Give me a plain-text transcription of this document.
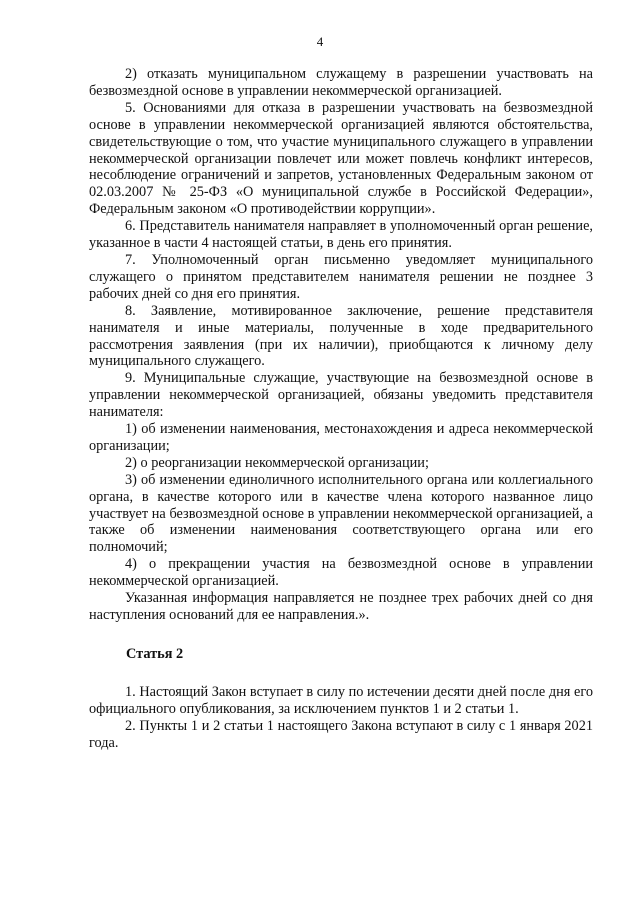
4

2) отказать муниципальном служащему в разрешении участвовать на безвозмездной основе в управлении некоммерческой организацией.

5. Основаниями для отказа в разрешении участвовать на безвозмездной основе в управлении некоммерческой организацией являются обстоятельства, свидетельствующие о том, что участие муниципального служащего в управлении некоммерческой организации повлечет или может повлечь конфликт интересов, несоблюдение ограничений и запретов, установленных Федеральным законом от 02.03.2007 № 25-ФЗ «О муниципальной службе в Российской Федерации», Федеральным законом «О противодействии коррупции».

6. Представитель нанимателя направляет в уполномоченный орган решение, указанное в части 4 настоящей статьи, в день его принятия.

7. Уполномоченный орган письменно уведомляет муниципального служащего о принятом представителем нанимателя решении не позднее 3 рабочих дней со дня его принятия.

8. Заявление, мотивированное заключение, решение представителя нанимателя и иные материалы, полученные в ходе предварительного рассмотрения заявления (при их наличии), приобщаются к личному делу муниципального служащего.

9. Муниципальные служащие, участвующие на безвозмездной основе в управлении некоммерческой организацией, обязаны уведомить представителя нанимателя:

1) об изменении наименования, местонахождения и адреса некоммерческой организации;

2) о реорганизации некоммерческой организации;

3) об изменении единоличного исполнительного органа или коллегиального органа, в качестве которого или в качестве члена которого названное лицо участвует на безвозмездной основе в управлении некоммерческой организацией, а также об изменении наименования соответствующего органа или его полномочий;

4) о прекращении участия на безвозмездной основе в управлении некоммерческой организацией.

Указанная информация направляется не позднее трех рабочих дней со дня наступления оснований для ее направления.».

Статья 2

1. Настоящий Закон вступает в силу по истечении десяти дней после дня его официального опубликования, за исключением пунктов 1 и 2 статьи 1.

2. Пункты 1 и 2 статьи 1 настоящего Закона вступают в силу с 1 января 2021 года.
